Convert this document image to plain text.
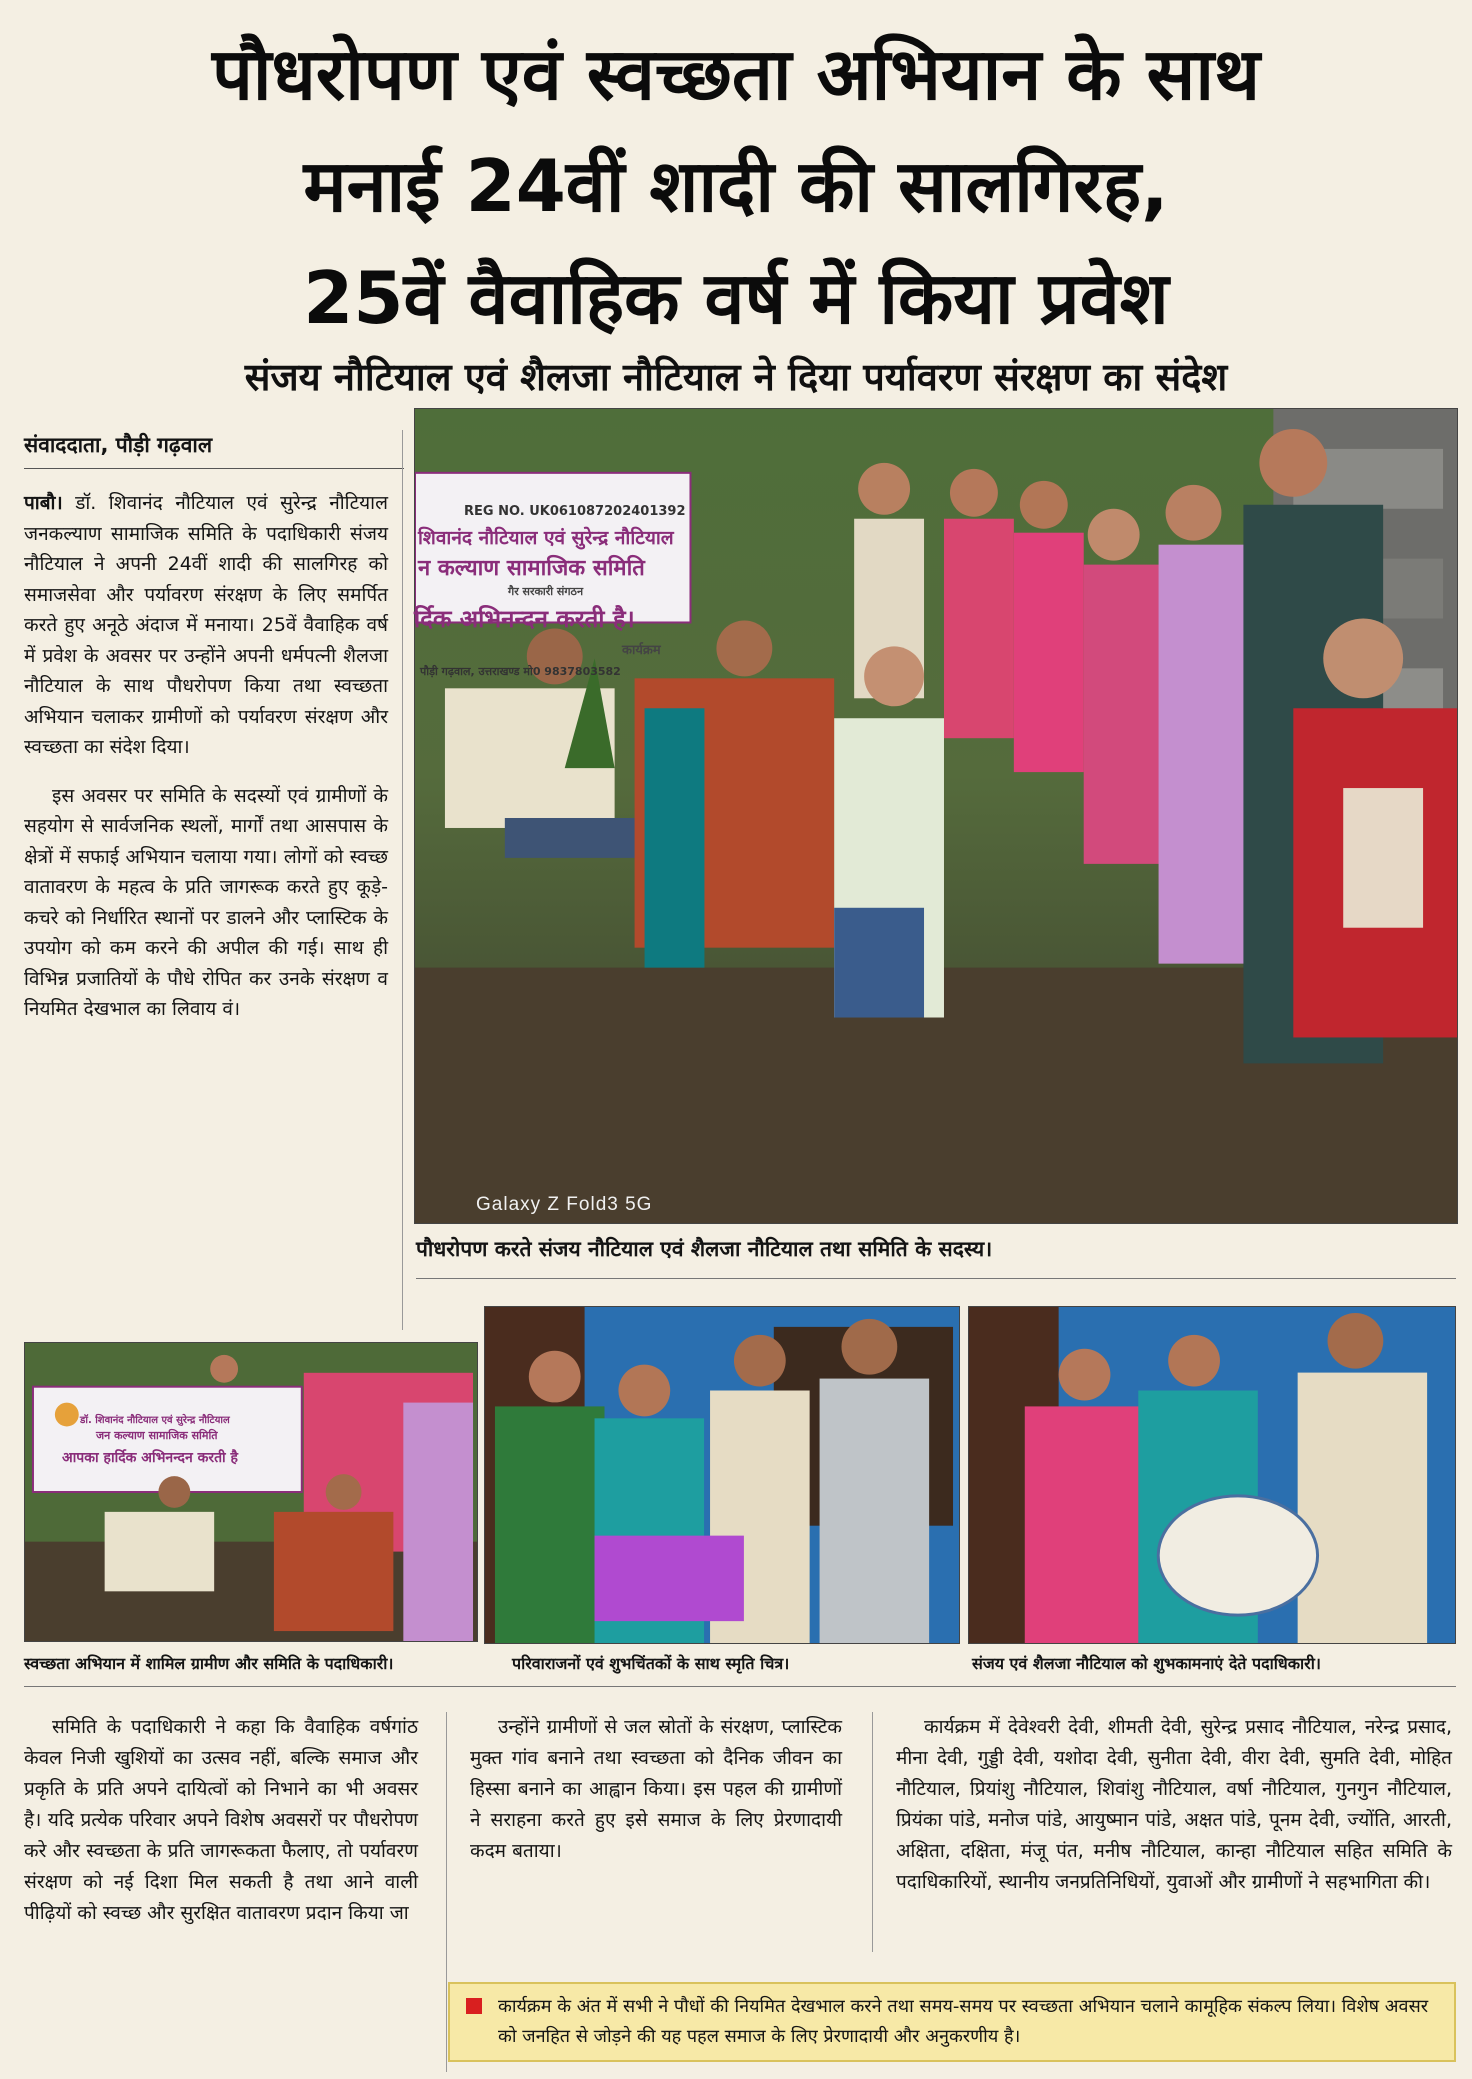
पौधरोपण एवं स्वच्छता अभियान के साथ
मनाई 24वीं शादी की सालगिरह,
25वें वैवाहिक वर्ष में किया प्रवेश
संजय नौटियाल एवं शैलजा नौटियाल ने दिया पर्यावरण संरक्षण का संदेश
संवाददाता, पौड़ी गढ़वाल

पाबौ। डॉ. शिवानंद नौटियाल एवं सुरेन्द्र नौटियाल जनकल्याण सामाजिक समिति के पदाधिकारी संजय नौटियाल ने अपनी 24वीं शादी की सालगिरह को समाजसेवा और पर्यावरण संरक्षण के लिए समर्पित करते हुए अनूठे अंदाज में मनाया। 25वें वैवाहिक वर्ष में प्रवेश के अवसर पर उन्होंने अपनी धर्मपत्नी शैलजा नौटियाल के साथ पौधरोपण किया तथा स्वच्छता अभियान चलाकर ग्रामीणों को पर्यावरण संरक्षण और स्वच्छता का संदेश दिया।

इस अवसर पर समिति के सदस्यों एवं ग्रामीणों के सहयोग से सार्वजनिक स्थलों, मार्गों तथा आसपास के क्षेत्रों में सफाई अभियान चलाया गया। लोगों को स्वच्छ वातावरण के महत्व के प्रति जागरूक करते हुए कूड़े-कचरे को निर्धारित स्थानों पर डालने और प्लास्टिक के उपयोग को कम करने की अपील की गई। साथ ही विभिन्न प्रजातियों के पौधे रोपित कर उनके संरक्षण व नियमित देखभाल का लिवाय वं।

REG NO. UK061087202401392
शिवानंद नौटियाल एवं सुरेन्द्र नौटियाल
न कल्याण सामाजिक समिति
गैर सरकारी संगठन
र्दिक अभिनन्दन करती है।
कार्यक्रम
पौड़ी गढ़वाल, उत्तराखण्ड मो0 9837803582
Galaxy Z Fold3 5G
पौधरोपण करते संजय नौटियाल एवं शैलजा नौटियाल तथा समिति के सदस्य।
डॉ. शिवानंद नौटियाल एवं सुरेन्द्र नौटियाल
जन कल्याण सामाजिक समिति
आपका हार्दिक अभिनन्दन करती है
स्वच्छता अभियान में शामिल ग्रामीण और समिति के पदाधिकारी।	परिवाराजनों एवं शुभचिंतकों के साथ स्मृति चित्र।	संजय एवं शैलजा नौटियाल को शुभकामनाएं देते पदाधिकारी।

समिति के पदाधिकारी ने कहा कि वैवाहिक वर्षगांठ केवल निजी खुशियों का उत्सव नहीं, बल्कि समाज और प्रकृति के प्रति अपने दायित्वों को निभाने का भी अवसर है। यदि प्रत्येक परिवार अपने विशेष अवसरों पर पौधरोपण करे और स्वच्छता के प्रति जागरूकता फैलाए, तो पर्यावरण संरक्षण को नई दिशा मिल सकती है तथा आने वाली पीढ़ियों को स्वच्छ और सुरक्षित वातावरण प्रदान किया जा

उन्होंने ग्रामीणों से जल स्रोतों के संरक्षण, प्लास्टिक मुक्त गांव बनाने तथा स्वच्छता को दैनिक जीवन का हिस्सा बनाने का आह्वान किया। इस पहल की ग्रामीणों ने सराहना करते हुए इसे समाज के लिए प्रेरणादायी कदम बताया।

कार्यक्रम में देवेश्वरी देवी, शीमती देवी, सुरेन्द्र प्रसाद नौटियाल, नरेन्द्र प्रसाद, मीना देवी, गुड्डी देवी, यशोदा देवी, सुनीता देवी, वीरा देवी, सुमति देवी, मोहित नौटियाल, प्रियांशु नौटियाल, शिवांशु नौटियाल, वर्षा नौटियाल, गुनगुन नौटियाल, प्रियंका पांडे, मनोज पांडे, आयुष्मान पांडे, अक्षत पांडे, पूनम देवी, ज्योंति, आरती, अक्षिता, दक्षिता, मंजू पंत, मनीष नौटियाल, कान्हा नौटियाल सहित समिति के पदाधिकारियों, स्थानीय जनप्रतिनिधियों, युवाओं और ग्रामीणों ने सहभागिता की।

कार्यक्रम के अंत में सभी ने पौधों की नियमित देखभाल करने तथा समय-समय पर स्वच्छता अभियान चलाने कामूहिक संकल्प लिया। विशेष अवसर को जनहित से जोड़ने की यह पहल समाज के लिए प्रेरणादायी और अनुकरणीय है।
